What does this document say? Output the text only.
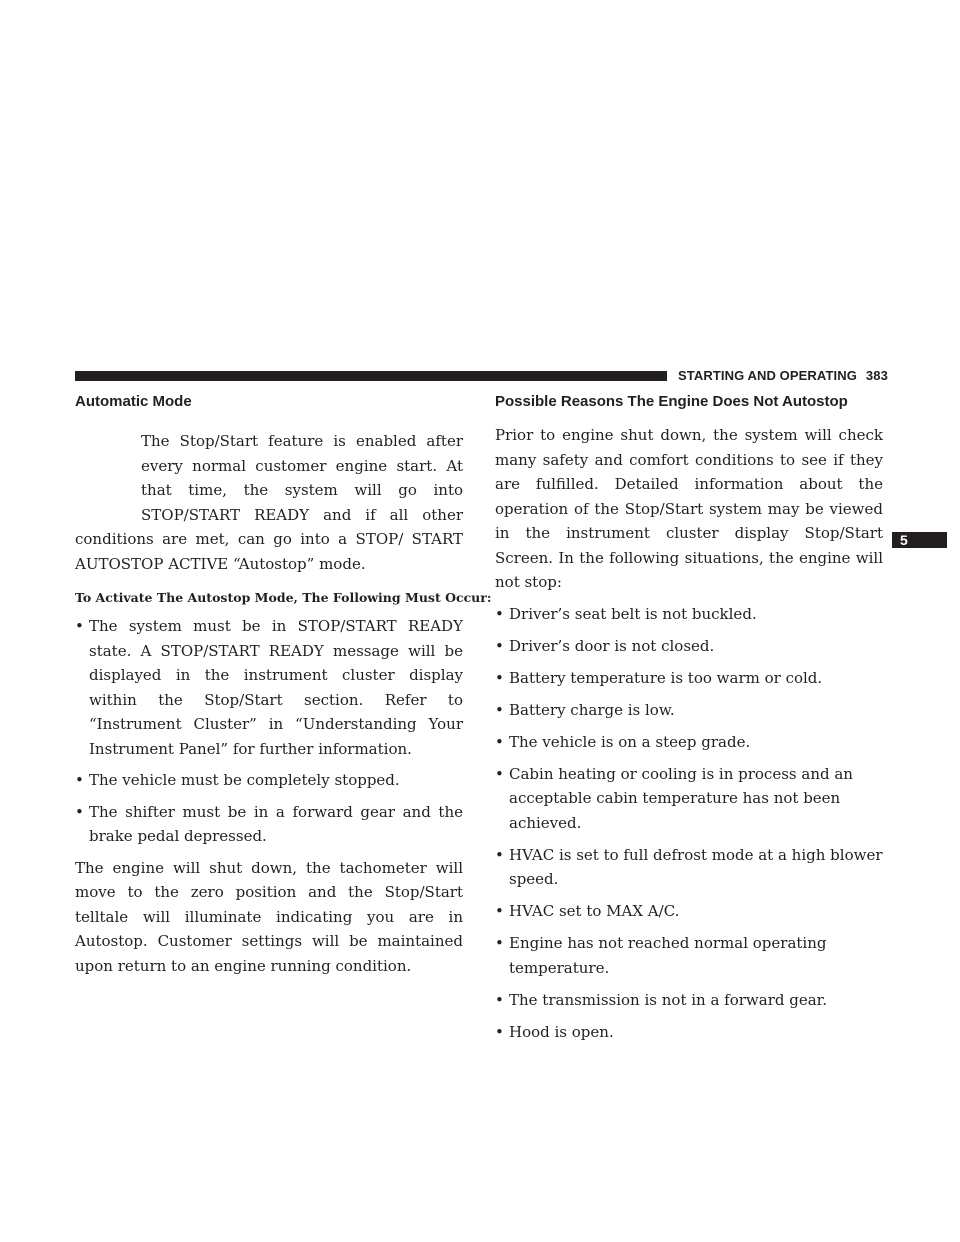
STARTING AND OPERATING 383
5
Automatic Mode

The Stop/Start feature is enabled after every normal customer engine start. At that time, the system will go into STOP/START READY and if all other conditions are met, can go into a STOP/ START AUTOSTOP ACTIVE “Autostop” mode.

To Activate The Autostop Mode, The Following Must Occur:
• The system must be in STOP/START READY state. A STOP/START READY message will be displayed in the instrument cluster display within the Stop/Start section. Refer to “Instrument Cluster” in “Understanding Your Instrument Panel” for further information.
• The vehicle must be completely stopped.
• The shifter must be in a forward gear and the brake pedal depressed.

The engine will shut down, the tachometer will move to the zero position and the Stop/Start telltale will illuminate indicating you are in Autostop. Customer settings will be maintained upon return to an engine running condition.

Possible Reasons The Engine Does Not Autostop

Prior to engine shut down, the system will check many safety and comfort conditions to see if they are fulfilled. Detailed information about the operation of the Stop/Start system may be viewed in the instrument cluster display Stop/Start Screen. In the following situations, the engine will not stop:

• Driver’s seat belt is not buckled.
• Driver’s door is not closed.
• Battery temperature is too warm or cold.
• Battery charge is low.
• The vehicle is on a steep grade.
• Cabin heating or cooling is in process and an acceptable cabin temperature has not been achieved.
• HVAC is set to full defrost mode at a high blower speed.
• HVAC set to MAX A/C.
• Engine has not reached normal operating temperature.
• The transmission is not in a forward gear.
• Hood is open.
